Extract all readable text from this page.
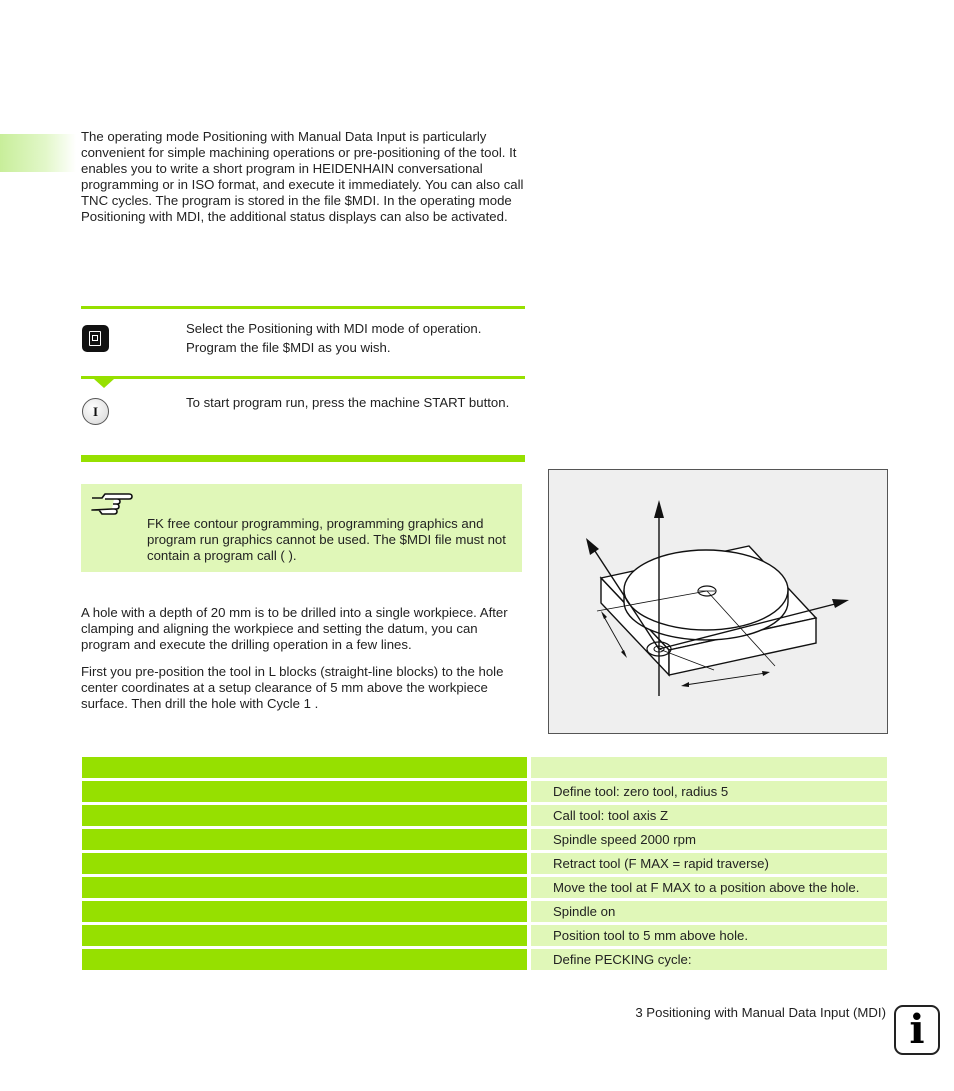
The operating mode Positioning with Manual Data Input is particularly convenient for simple machining operations or pre-positioning of the tool. It enables you to write a short program in HEIDENHAIN conversational programming or in ISO format, and execute it immediately. You can also call TNC cycles. The program is stored in the file $MDI. In the operating mode Positioning with MDI, the additional status displays can also be activated.

Select the Positioning with MDI mode of operation. Program the file $MDI as you wish.

I

To start program run, press the machine START button.

FK free contour programming, programming graphics and program run graphics cannot be used. The $MDI file must not contain a program call ( ).

A hole with a depth of 20 mm is to be drilled into a single workpiece. After clamping and aligning the workpiece and setting the datum, you can program and execute the drilling operation in a few lines.

First you pre-position the tool in L blocks (straight-line blocks) to the hole center coordinates at a setup clearance of 5 mm above the workpiece surface. Then drill the hole with Cycle 1 .

		Define tool: zero tool, radius 5
		Call tool: tool axis Z
		Spindle speed 2000 rpm
		Retract tool (F MAX = rapid traverse)
		Move the tool at F MAX to a position above the hole.
		Spindle on
		Position tool to 5 mm above hole.
		Define PECKING cycle:
3 Positioning with Manual Data Input (MDI) i
